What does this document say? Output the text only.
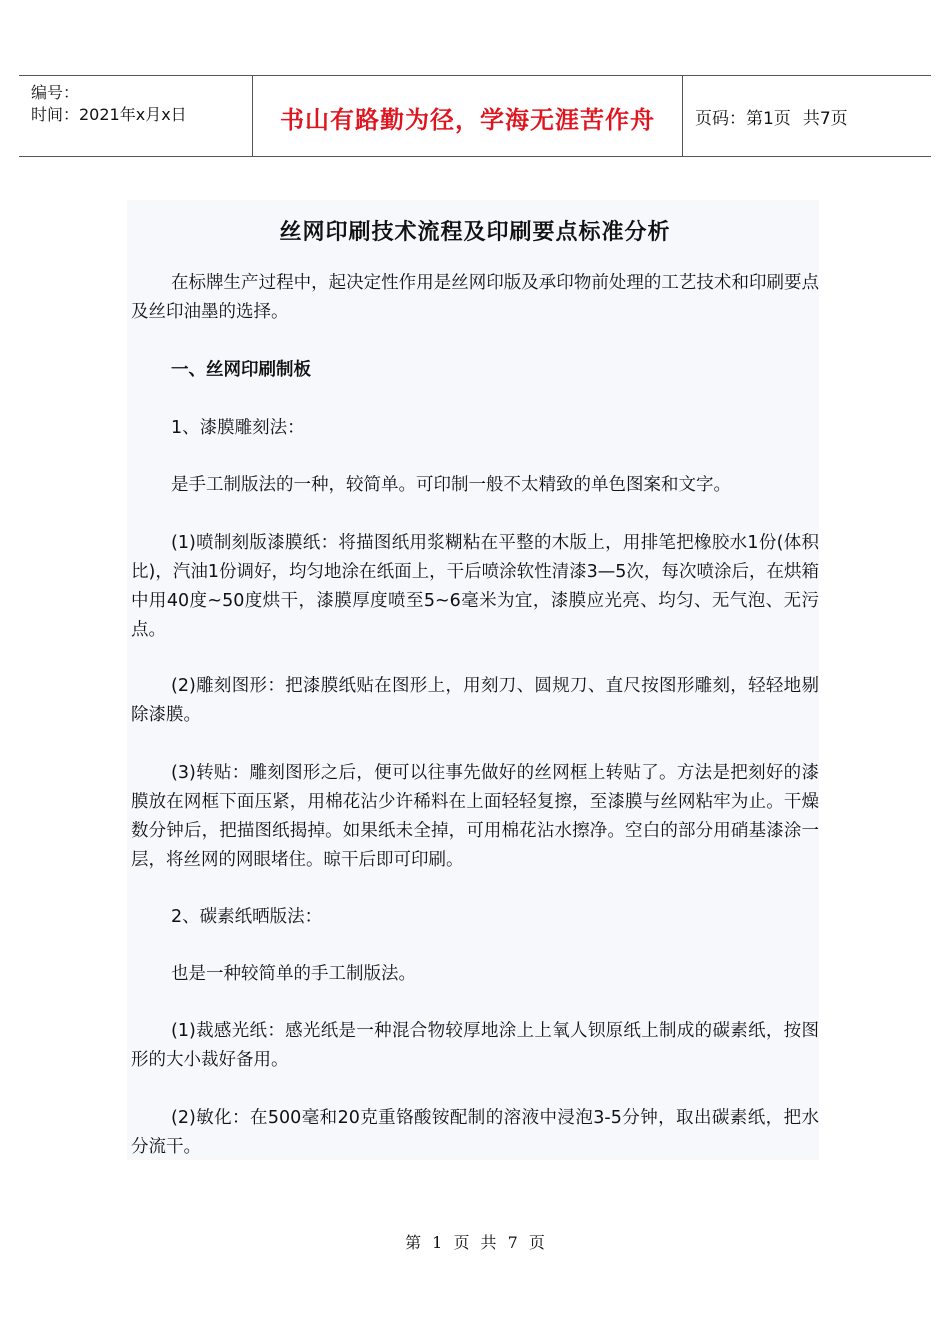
编号：
时间：2021年x月x日	书山有路勤为径，学海无涯苦作舟	页码：第1页 共7页
丝网印刷技术流程及印刷要点标准分析
在标牌生产过程中，起决定性作用是丝网印版及承印物前处理的工艺技术和印刷要点及丝印油墨的选择。
一、丝网印刷制板
1、漆膜雕刻法：
是手工制版法的一种，较简单。可印制一般不太精致的单色图案和文字。
(1)喷制刻版漆膜纸：将描图纸用浆糊粘在平整的木版上，用排笔把橡胶水1份(体积比)，汽油1份调好，均匀地涂在纸面上，干后喷涂软性清漆3—5次，每次喷涂后，在烘箱中用40度~50度烘干，漆膜厚度喷至5~6毫米为宜，漆膜应光亮、均匀、无气泡、无污点。
(2)雕刻图形：把漆膜纸贴在图形上，用刻刀、圆规刀、直尺按图形雕刻，轻轻地剔除漆膜。
(3)转贴：雕刻图形之后，便可以往事先做好的丝网框上转贴了。方法是把刻好的漆膜放在网框下面压紧，用棉花沾少许稀料在上面轻轻复擦，至漆膜与丝网粘牢为止。干燥数分钟后，把描图纸揭掉。如果纸未全掉，可用棉花沾水擦净。空白的部分用硝基漆涂一层，将丝网的网眼堵住。晾干后即可印刷。
2、碳素纸晒版法：
也是一种较简单的手工制版法。
(1)裁感光纸：感光纸是一种混合物较厚地涂上上氧人钡原纸上制成的碳素纸，按图形的大小裁好备用。
(2)敏化：在500毫和20克重铬酸铵配制的溶液中浸泡3-5分钟，取出碳素纸，把水分流干。
第 1 页 共 7 页
